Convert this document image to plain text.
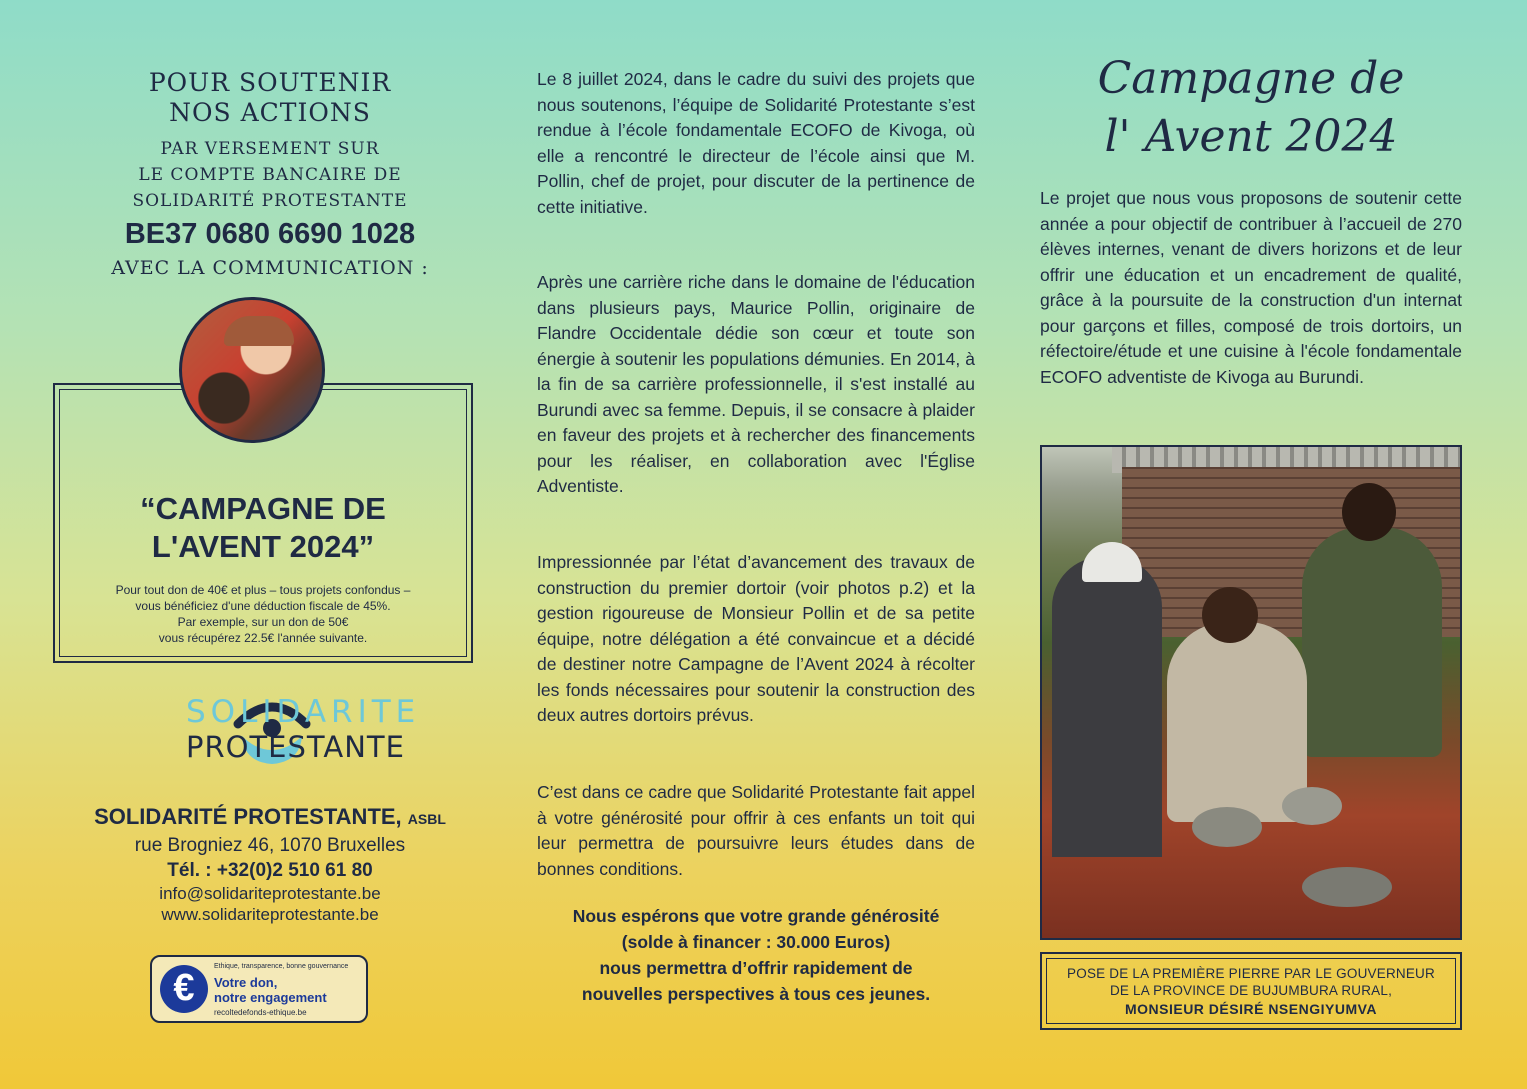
POUR SOUTENIR
NOS ACTIONS
PAR VERSEMENT SUR
LE COMPTE BANCAIRE DE
SOLIDARITÉ PROTESTANTE
BE37 0680 6690 1028
AVEC LA COMMUNICATION :
“CAMPAGNE DE
L'AVENT 2024”
Pour tout don de 40€ et plus – tous projets confondus –
vous bénéficiez d'une déduction fiscale de 45%.
Par exemple, sur un don de 50€
vous récupérez 22.5€ l'année suivante.
SOLIDARITE
PROTESTANTE
SOLIDARITÉ PROTESTANTE, ASBL
rue Brogniez 46, 1070 Bruxelles
Tél. : +32(0)2 510 61 80
info@solidariteprotestante.be
www.solidariteprotestante.be
€
Ethique, transparence, bonne gouvernance
Votre don,
notre engagement
recoltedefonds-ethique.be

Le 8 juillet 2024, dans le cadre du suivi des projets que nous soutenons, l’équipe de Solidarité Protestante s’est rendue à l’école fondamentale ECOFO de Kivoga, où elle a rencontré le directeur de l’école ainsi que M. Pollin, chef de projet, pour discuter de la pertinence de cette initiative.

Après une carrière riche dans le domaine de l'éducation dans plusieurs pays, Maurice Pollin, originaire de Flandre Occidentale dédie son cœur et toute son énergie à soutenir les populations démunies. En 2014, à la fin de sa carrière professionnelle, il s'est installé au Burundi avec sa femme. Depuis, il se consacre à plaider en faveur des projets et à rechercher des financements pour les réaliser, en collaboration avec l'Église Adventiste.

Impressionnée par l’état d’avancement des travaux de construction du premier dortoir (voir photos p.2) et la gestion rigoureuse de Monsieur Pollin et de sa petite équipe, notre délégation a été convaincue et a décidé de destiner notre Campagne de l’Avent 2024 à récolter les fonds nécessaires pour soutenir la construction des deux autres dortoirs prévus.

C’est dans ce cadre que Solidarité Protestante fait appel à votre générosité pour offrir à ces enfants un toit qui leur permettra de poursuivre leurs études dans de bonnes conditions.

Nous espérons que votre grande générosité
(solde à financer : 30.000 Euros)
nous permettra d’offrir rapidement de
nouvelles perspectives à tous ces jeunes.
Campagne de
l' Avent 2024

Le projet que nous vous proposons de soutenir cette année a pour objectif de contribuer à l’accueil de 270 élèves internes, venant de divers horizons et de leur offrir une éducation et un encadrement de qualité, grâce à la poursuite de la construction d'un internat pour garçons et filles, composé de trois dortoirs, un réfectoire/étude et une cuisine à l'école fondamentale ECOFO adventiste de Kivoga au Burundi.

POSE DE LA PREMIÈRE PIERRE PAR LE GOUVERNEUR
DE LA PROVINCE DE BUJUMBURA RURAL,
MONSIEUR DÉSIRÉ NSENGIYUMVA
